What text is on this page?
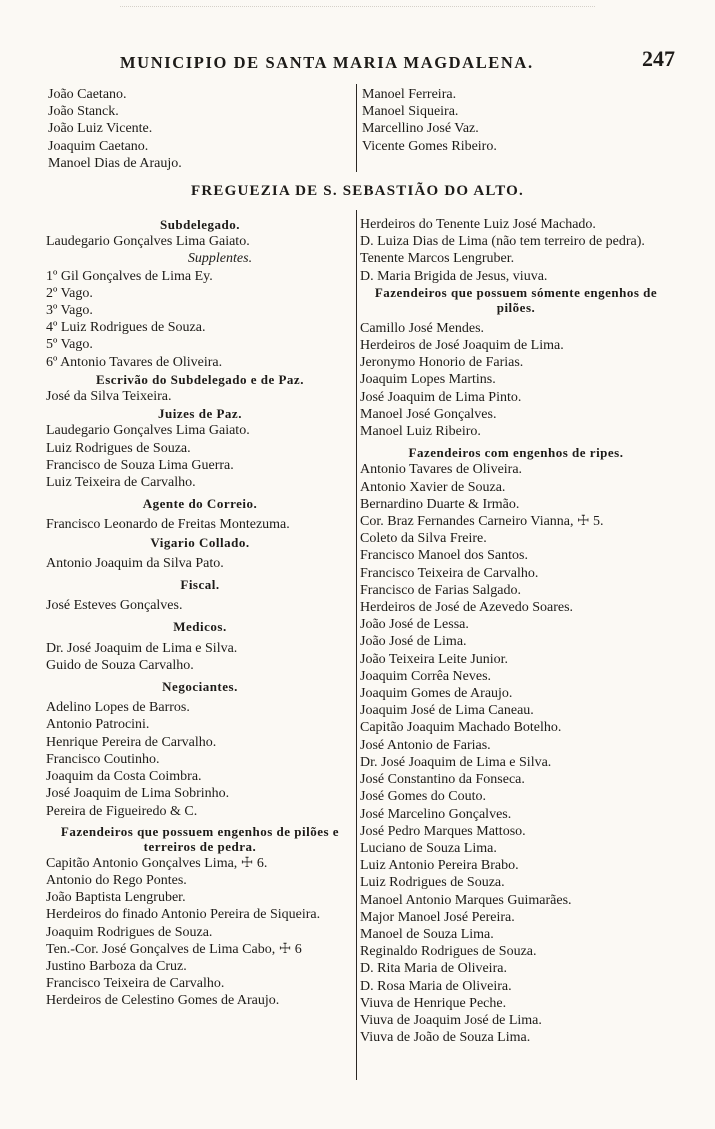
MUNICIPIO DE SANTA MARIA MAGDALENA.	247
João Caetano.
João Stanck.
João Luiz Vicente.
Joaquim Caetano.
Manoel Dias de Araujo.
Manoel Ferreira.
Manoel Siqueira.
Marcellino José Vaz.
Vicente Gomes Ribeiro.
FREGUEZIA DE S. SEBASTIÃO DO ALTO.
Subdelegado.
Laudegario Gonçalves Lima Gaiato.
Supplentes.
1º Gil Gonçalves de Lima Ey.
2º Vago.
3º Vago.
4º Luiz Rodrigues de Souza.
5º Vago.
6º Antonio Tavares de Oliveira.
Escrivão do Subdelegado e de Paz.
José da Silva Teixeira.
Juizes de Paz.
Laudegario Gonçalves Lima Gaiato.
Luiz Rodrigues de Souza.
Francisco de Souza Lima Guerra.
Luiz Teixeira de Carvalho.
Agente do Correio.
Francisco Leonardo de Freitas Montezuma.
Vigario Collado.
Antonio Joaquim da Silva Pato.
Fiscal.
José Esteves Gonçalves.
Medicos.
Dr. José Joaquim de Lima e Silva.
Guido de Souza Carvalho.
Negociantes.
Adelino Lopes de Barros.
Antonio Patrocini.
Henrique Pereira de Carvalho.
Francisco Coutinho.
Joaquim da Costa Coimbra.
José Joaquim de Lima Sobrinho.
Pereira de Figueiredo & C.
Fazendeiros que possuem engenhos de pilões e terreiros de pedra.
Capitão Antonio Gonçalves Lima, ☩ 6.
Antonio do Rego Pontes.
João Baptista Lengruber.
Herdeiros do finado Antonio Pereira de Siqueira.
Joaquim Rodrigues de Souza.
Ten.-Cor. José Gonçalves de Lima Cabo, ☩ 6
Justino Barboza da Cruz.
Francisco Teixeira de Carvalho.
Herdeiros de Celestino Gomes de Araujo.
Herdeiros do Tenente Luiz José Machado.
D. Luiza Dias de Lima (não tem terreiro de pedra).
Tenente Marcos Lengruber.
D. Maria Brigida de Jesus, viuva.
Fazendeiros que possuem sómente engenhos de pilões.
Camillo José Mendes.
Herdeiros de José Joaquim de Lima.
Jeronymo Honorio de Farias.
Joaquim Lopes Martins.
José Joaquim de Lima Pinto.
Manoel José Gonçalves.
Manoel Luiz Ribeiro.
Fazendeiros com engenhos de ripes.
Antonio Tavares de Oliveira.
Antonio Xavier de Souza.
Bernardino Duarte & Irmão.
Cor. Braz Fernandes Carneiro Vianna, ☩ 5.
Coleto da Silva Freire.
Francisco Manoel dos Santos.
Francisco Teixeira de Carvalho.
Francisco de Farias Salgado.
Herdeiros de José de Azevedo Soares.
João José de Lessa.
João José de Lima.
João Teixeira Leite Junior.
Joaquim Corrêa Neves.
Joaquim Gomes de Araujo.
Joaquim José de Lima Caneau.
Capitão Joaquim Machado Botelho.
José Antonio de Farias.
Dr. José Joaquim de Lima e Silva.
José Constantino da Fonseca.
José Gomes do Couto.
José Marcelino Gonçalves.
José Pedro Marques Mattoso.
Luciano de Souza Lima.
Luiz Antonio Pereira Brabo.
Luiz Rodrigues de Souza.
Manoel Antonio Marques Guimarães.
Major Manoel José Pereira.
Manoel de Souza Lima.
Reginaldo Rodrigues de Souza.
D. Rita Maria de Oliveira.
D. Rosa Maria de Oliveira.
Viuva de Henrique Peche.
Viuva de Joaquim José de Lima.
Viuva de João de Souza Lima.
